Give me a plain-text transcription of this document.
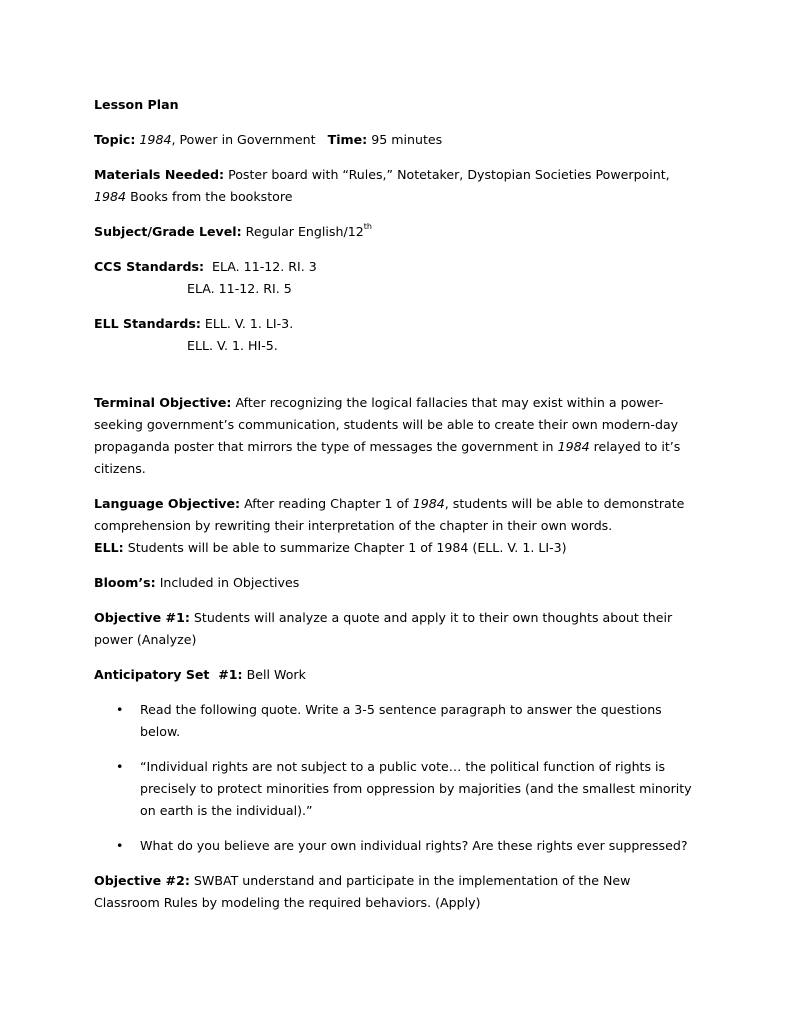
Lesson Plan

Topic: 1984, Power in Government Time: 95 minutes

Materials Needed: Poster board with “Rules,” Notetaker, Dystopian Societies Powerpoint, 1984 Books from the bookstore

Subject/Grade Level: Regular English/12th

CCS Standards: ELA. 11-12. RI. 3

ELA. 11-12. RI. 5

ELL Standards: ELL. V. 1. LI-3.

ELL. V. 1. HI-5.

Terminal Objective: After recognizing the logical fallacies that may exist within a power-seeking government’s communication, students will be able to create their own modern-day propaganda poster that mirrors the type of messages the government in 1984 relayed to it’s citizens.

Language Objective: After reading Chapter 1 of 1984, students will be able to demonstrate comprehension by rewriting their interpretation of the chapter in their own words.

ELL: Students will be able to summarize Chapter 1 of 1984 (ELL. V. 1. LI-3)

Bloom’s: Included in Objectives

Objective #1: Students will analyze a quote and apply it to their own thoughts about their power (Analyze)

Anticipatory Set  #1: Bell Work

• Read the following quote. Write a 3-5 sentence paragraph to answer the questions below.
• “Individual rights are not subject to a public vote… the political function of rights is precisely to protect minorities from oppression by majorities (and the smallest minority on earth is the individual).”
• What do you believe are your own individual rights? Are these rights ever suppressed?

Objective #2: SWBAT understand and participate in the implementation of the New Classroom Rules by modeling the required behaviors. (Apply)
